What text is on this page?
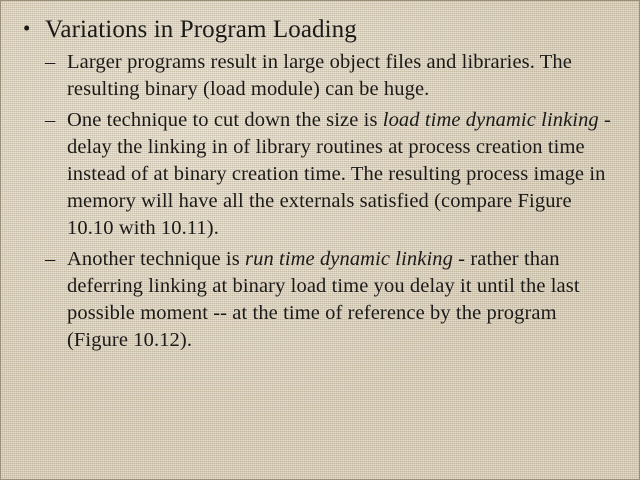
• Variations in Program Loading
– Larger programs result in large object files and libraries. The resulting binary (load module) can be huge.
– One technique to cut down the size is load time dynamic linking - delay the linking in of library routines at process creation time instead of at binary creation time. The resulting process image in memory will have all the externals satisfied (compare Figure 10.10 with 10.11).
– Another technique is run time dynamic linking - rather than deferring linking at binary load time you delay it until the last possible moment -- at the time of reference by the program (Figure 10.12).
